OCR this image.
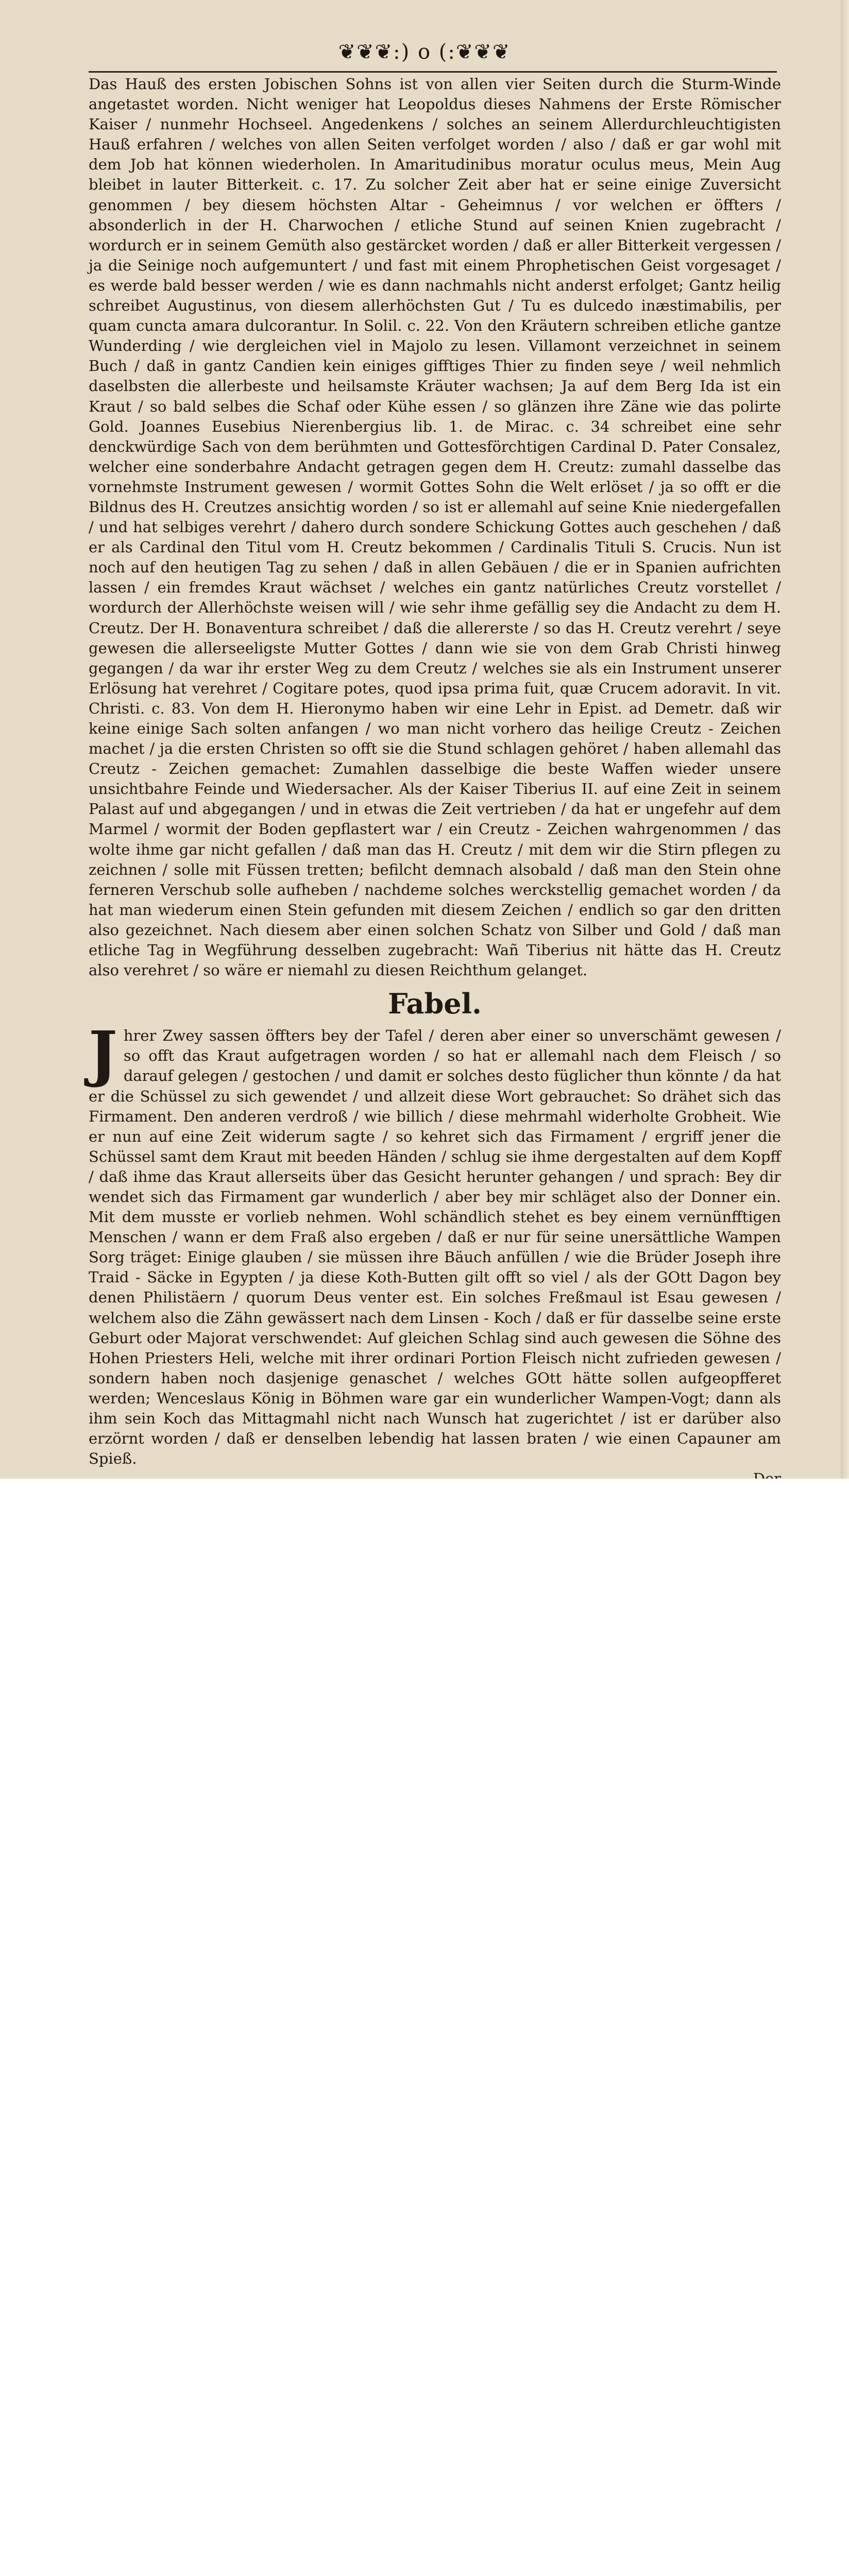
❦❦❦:) o (:❦❦❦

Das Hauß des ersten Jobischen Sohns ist von allen vier Seiten durch die Sturm-Winde angetastet worden. Nicht weniger hat Leopoldus dieses Nahmens der Erste Römischer Kaiser / nunmehr Hochseel. Angedenkens / solches an seinem Allerdurchleuchtigisten Hauß erfahren / welches von allen Seiten verfolget worden / also / daß er gar wohl mit dem Job hat können wiederholen. In Amaritudinibus moratur oculus meus, Mein Aug bleibet in lauter Bitterkeit. c. 17. Zu solcher Zeit aber hat er seine einige Zuversicht genommen / bey diesem höchsten Altar - Geheimnus / vor welchen er öffters / absonderlich in der H. Charwochen / etliche Stund auf seinen Knien zugebracht / wordurch er in seinem Gemüth also gestärcket worden / daß er aller Bitterkeit vergessen / ja die Seinige noch aufgemuntert / und fast mit einem Phrophetischen Geist vorgesaget / es werde bald besser werden / wie es dann nachmahls nicht anderst erfolget; Gantz heilig schreibet Augustinus, von diesem allerhöchsten Gut / Tu es dulcedo inæstimabilis, per quam cuncta amara dulcorantur. In Solil. c. 22. Von den Kräutern schreiben etliche gantze Wunderding / wie dergleichen viel in Majolo zu lesen. Villamont verzeichnet in seinem Buch / daß in gantz Candien kein einiges gifftiges Thier zu finden seye / weil nehmlich daselbsten die allerbeste und heilsamste Kräuter wachsen; Ja auf dem Berg Ida ist ein Kraut / so bald selbes die Schaf oder Kühe essen / so glänzen ihre Zäne wie das polirte Gold. Joannes Eusebius Nierenbergius lib. 1. de Mirac. c. 34 schreibet eine sehr denckwürdige Sach von dem berühmten und Gottesförchtigen Cardinal D. Pater Consalez, welcher eine sonderbahre Andacht getragen gegen dem H. Creutz: zumahl dasselbe das vornehmste Instrument gewesen / wormit Gottes Sohn die Welt erlöset / ja so offt er die Bildnus des H. Creutzes ansichtig worden / so ist er allemahl auf seine Knie niedergefallen / und hat selbiges verehrt / dahero durch sondere Schickung Gottes auch geschehen / daß er als Cardinal den Titul vom H. Creutz bekommen / Cardinalis Tituli S. Crucis. Nun ist noch auf den heutigen Tag zu sehen / daß in allen Gebäuen / die er in Spanien aufrichten lassen / ein fremdes Kraut wächset / welches ein gantz natürliches Creutz vorstellet / wordurch der Allerhöchste weisen will / wie sehr ihme gefällig sey die Andacht zu dem H. Creutz. Der H. Bonaventura schreibet / daß die allererste / so das H. Creutz verehrt / seye gewesen die allerseeligste Mutter Gottes / dann wie sie von dem Grab Christi hinweg gegangen / da war ihr erster Weg zu dem Creutz / welches sie als ein Instrument unserer Erlösung hat verehret / Cogitare potes, quod ipsa prima fuit, quæ Crucem adoravit. In vit. Christi. c. 83. Von dem H. Hieronymo haben wir eine Lehr in Epist. ad Demetr. daß wir keine einige Sach solten anfangen / wo man nicht vorhero das heilige Creutz - Zeichen machet / ja die ersten Christen so offt sie die Stund schlagen gehöret / haben allemahl das Creutz - Zeichen gemachet: Zumahlen dasselbige die beste Waffen wieder unsere unsichtbahre Feinde und Wiedersacher. Als der Kaiser Tiberius II. auf eine Zeit in seinem Palast auf und abgegangen / und in etwas die Zeit vertrieben / da hat er ungefehr auf dem Marmel / wormit der Boden gepflastert war / ein Creutz - Zeichen wahrgenommen / das wolte ihme gar nicht gefallen / daß man das H. Creutz / mit dem wir die Stirn pflegen zu zeichnen / solle mit Füssen tretten; befilcht demnach alsobald / daß man den Stein ohne ferneren Verschub solle aufheben / nachdeme solches werckstellig gemachet worden / da hat man wiederum einen Stein gefunden mit diesem Zeichen / endlich so gar den dritten also gezeichnet. Nach diesem aber einen solchen Schatz von Silber und Gold / daß man etliche Tag in Wegführung desselben zugebracht: Wañ Tiberius nit hätte das H. Creutz also verehret / so wäre er niemahl zu diesen Reichthum gelanget.

Fabel.

J hrer Zwey sassen öffters bey der Tafel / deren aber einer so unverschämt gewesen / so offt das Kraut aufgetragen worden / so hat er allemahl nach dem Fleisch / so darauf gelegen / gestochen / und damit er solches desto füglicher thun könnte / da hat er die Schüssel zu sich gewendet / und allzeit diese Wort gebrauchet: So drähet sich das Firmament. Den anderen verdroß / wie billich / diese mehrmahl widerholte Grobheit. Wie er nun auf eine Zeit widerum sagte / so kehret sich das Firmament / ergriff jener die Schüssel samt dem Kraut mit beeden Händen / schlug sie ihme dergestalten auf dem Kopff / daß ihme das Kraut allerseits über das Gesicht herunter gehangen / und sprach: Bey dir wendet sich das Firmament gar wunderlich / aber bey mir schläget also der Donner ein. Mit dem musste er vorlieb nehmen. Wohl schändlich stehet es bey einem vernünfftigen Menschen / wann er dem Fraß also ergeben / daß er nur für seine unersättliche Wampen Sorg träget: Einige glauben / sie müssen ihre Bäuch anfüllen / wie die Brüder Joseph ihre Traid - Säcke in Egypten / ja diese Koth-Butten gilt offt so viel / als der GOtt Dagon bey denen Philistäern / quorum Deus venter est. Ein solches Freßmaul ist Esau gewesen / welchem also die Zähn gewässert nach dem Linsen - Koch / daß er für dasselbe seine erste Geburt oder Majorat verschwendet: Auf gleichen Schlag sind auch gewesen die Söhne des Hohen Priesters Heli, welche mit ihrer ordinari Portion Fleisch nicht zufrieden gewesen / sondern haben noch dasjenige genaschet / welches GOtt hätte sollen aufgeopfferet werden; Wenceslaus König in Böhmen ware gar ein wunderlicher Wampen-Vogt; dann als ihm sein Koch das Mittagmahl nicht nach Wunsch hat zugerichtet / ist er darüber also erzörnt worden / daß er denselben lebendig hat lassen braten / wie einen Capauner am Spieß.
